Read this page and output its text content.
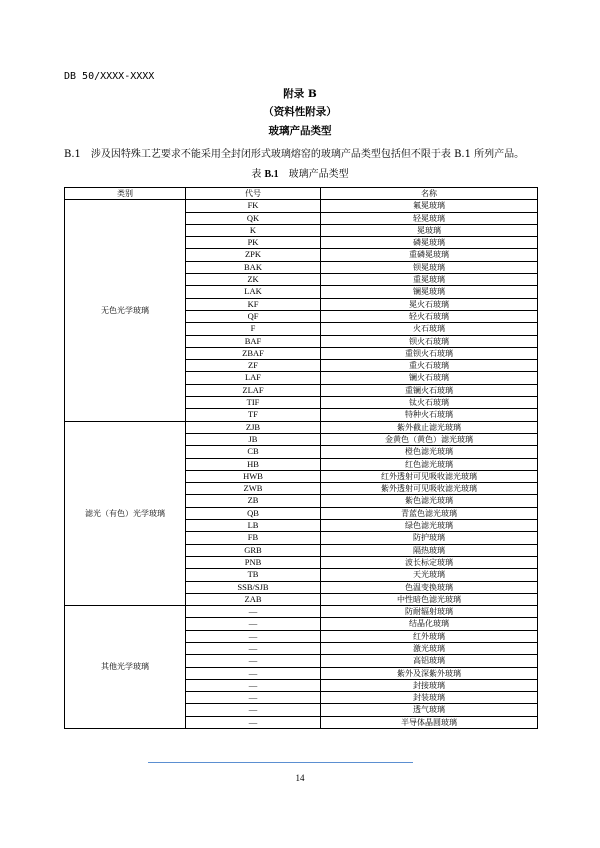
DB 50/XXXX-XXXX
附录 B
（资料性附录）
玻璃产品类型
B.1　涉及因特殊工艺要求不能采用全封闭形式玻璃熔窑的玻璃产品类型包括但不限于表 B.1 所列产品。
表 B.1　玻璃产品类型
类别	代号	名称
无色光学玻璃	FK	氟冕玻璃
	QK	轻冕玻璃
	K	冕玻璃
	PK	磷冕玻璃
	ZPK	重磷冕玻璃
	BAK	钡冕玻璃
	ZK	重冕玻璃
	LAK	镧冕玻璃
	KF	冕火石玻璃
	QF	轻火石玻璃
	F	火石玻璃
	BAF	钡火石玻璃
	ZBAF	重钡火石玻璃
	ZF	重火石玻璃
	LAF	镧火石玻璃
	ZLAF	重镧火石玻璃
	TIF	钛火石玻璃
	TF	特种火石玻璃
滤光（有色）光学玻璃	ZJB	紫外截止滤光玻璃
	JB	金黄色（黄色）滤光玻璃
	CB	橙色滤光玻璃
	HB	红色滤光玻璃
	HWB	红外透射可见吸收滤光玻璃
	ZWB	紫外透射可见吸收滤光玻璃
	ZB	紫色滤光玻璃
	QB	青蓝色滤光玻璃
	LB	绿色滤光玻璃
	FB	防护玻璃
	GRB	隔热玻璃
	PNB	波长标定玻璃
	TB	天光玻璃
	SSB/SJB	色温变换玻璃
	ZAB	中性暗色滤光玻璃
其他光学玻璃	—	防耐辐射玻璃
	—	结晶化玻璃
	—	红外玻璃
	—	激光玻璃
	—	高铝玻璃
	—	紫外及深紫外玻璃
	—	封接玻璃
	—	封装玻璃
	—	透气玻璃
	—	半导体晶圆玻璃
14
